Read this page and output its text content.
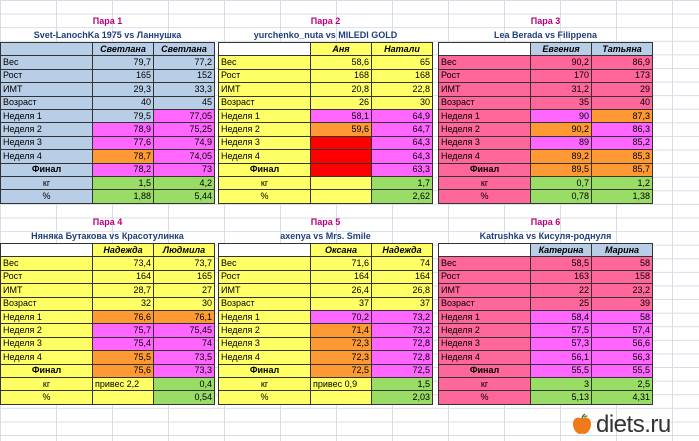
Пара 1
Svet-LanochKa 1975 vs Ланнушка
	Светлана	Светлана
Вес	79,7	77,2
Рост	165	152
ИМТ	29,3	33,3
Возраст	40	45
Неделя 1	79,5	77,05
Неделя 2	78,9	75,25
Неделя 3	77,6	74,9
Неделя 4	78,7	74,05
Финал	78,2	73
кг	1,5	4,2
%	1,88	5,44
Пара 2
yurchenko_nuta vs MILEDI GOLD
	Аня	Натали
Вес	58,6	65
Рост	168	168
ИМТ	20,8	22,8
Возраст	26	30
Неделя 1	58,1	64,9
Неделя 2	59,6	64,7
Неделя 3		64,3
Неделя 4		64,3
Финал		63,3
кг		1,7
%		2,62
Пара 3
Lea Berada vs Filippena
	Евгения	Татьяна
Вес	90,2	86,9
Рост	170	173
ИМТ	31,2	29
Возраст	35	40
Неделя 1	90	87,3
Неделя 2	90,2	86,3
Неделя 3	89	85,2
Неделя 4	89,2	85,3
Финал	89,5	85,7
кг	0,7	1,2
%	0,78	1,38
Пара 4
Няняка Бутакова vs Красотулинка
	Надежда	Людмила
Вес	73,4	73,7
Рост	164	165
ИМТ	28,7	27
Возраст	32	30
Неделя 1	76,6	76,1
Неделя 2	75,7	75,45
Неделя 3	75,4	74
Неделя 4	75,5	73,5
Финал	75,6	73,3
кг	привес 2,2	0,4
%		0,54
Пара 5
axenya vs Mrs. Smile
	Оксана	Надежда
Вес	71,6	74
Рост	164	164
ИМТ	26,4	26,8
Возраст	37	37
Неделя 1	70,2	73,2
Неделя 2	71,4	73,2
Неделя 3	72,3	72,8
Неделя 4	72,3	72,8
Финал	72,5	72,5
кг	привес 0,9	1,5
%		2,03
Пара 6
Katrushka vs Кисуля-роднуля
	Катерина	Марина
Вес	58,5	58
Рост	163	158
ИМТ	22	23,2
Возраст	25	39
Неделя 1	58,4	58
Неделя 2	57,5	57,4
Неделя 3	57,3	56,6
Неделя 4	56,1	56,3
Финал	55,5	55,5
кг	3	2,5
%	5,13	4,31
diets.ru
